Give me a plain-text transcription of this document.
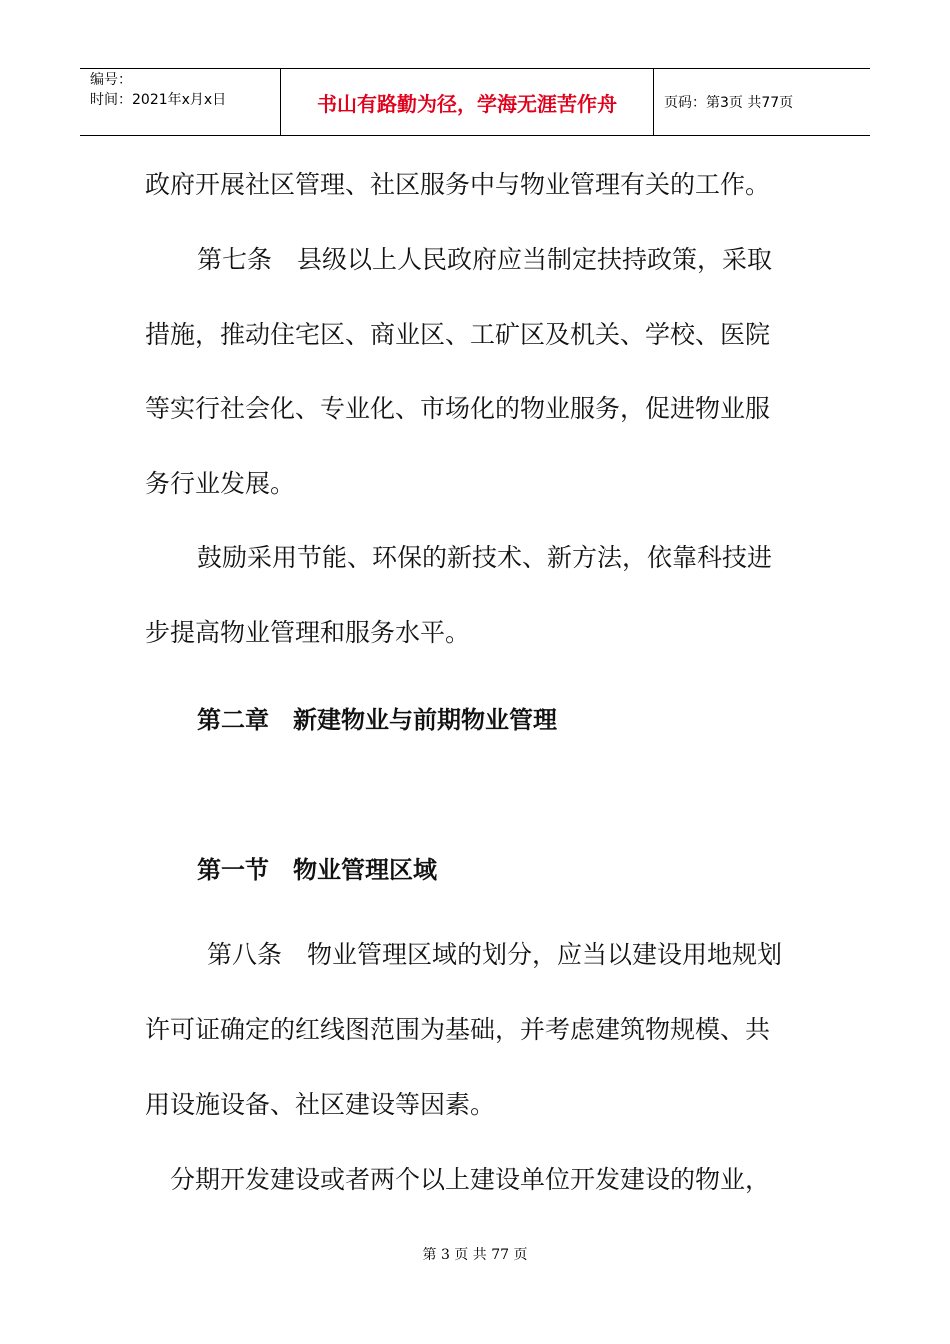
编号：
时间：2021年x月x日	书山有路勤为径，学海无涯苦作舟	页码：第3页 共77页
政府开展社区管理、社区服务中与物业管理有关的工作。
第七条　县级以上人民政府应当制定扶持政策，采取
措施，推动住宅区、商业区、工矿区及机关、学校、医院
等实行社会化、专业化、市场化的物业服务，促进物业服
务行业发展。
鼓励采用节能、环保的新技术、新方法，依靠科技进
步提高物业管理和服务水平。
第二章　新建物业与前期物业管理
第一节　物业管理区域
第八条　物业管理区域的划分，应当以建设用地规划
许可证确定的红线图范围为基础，并考虑建筑物规模、共
用设施设备、社区建设等因素。
分期开发建设或者两个以上建设单位开发建设的物业，
第 3 页 共 77 页
